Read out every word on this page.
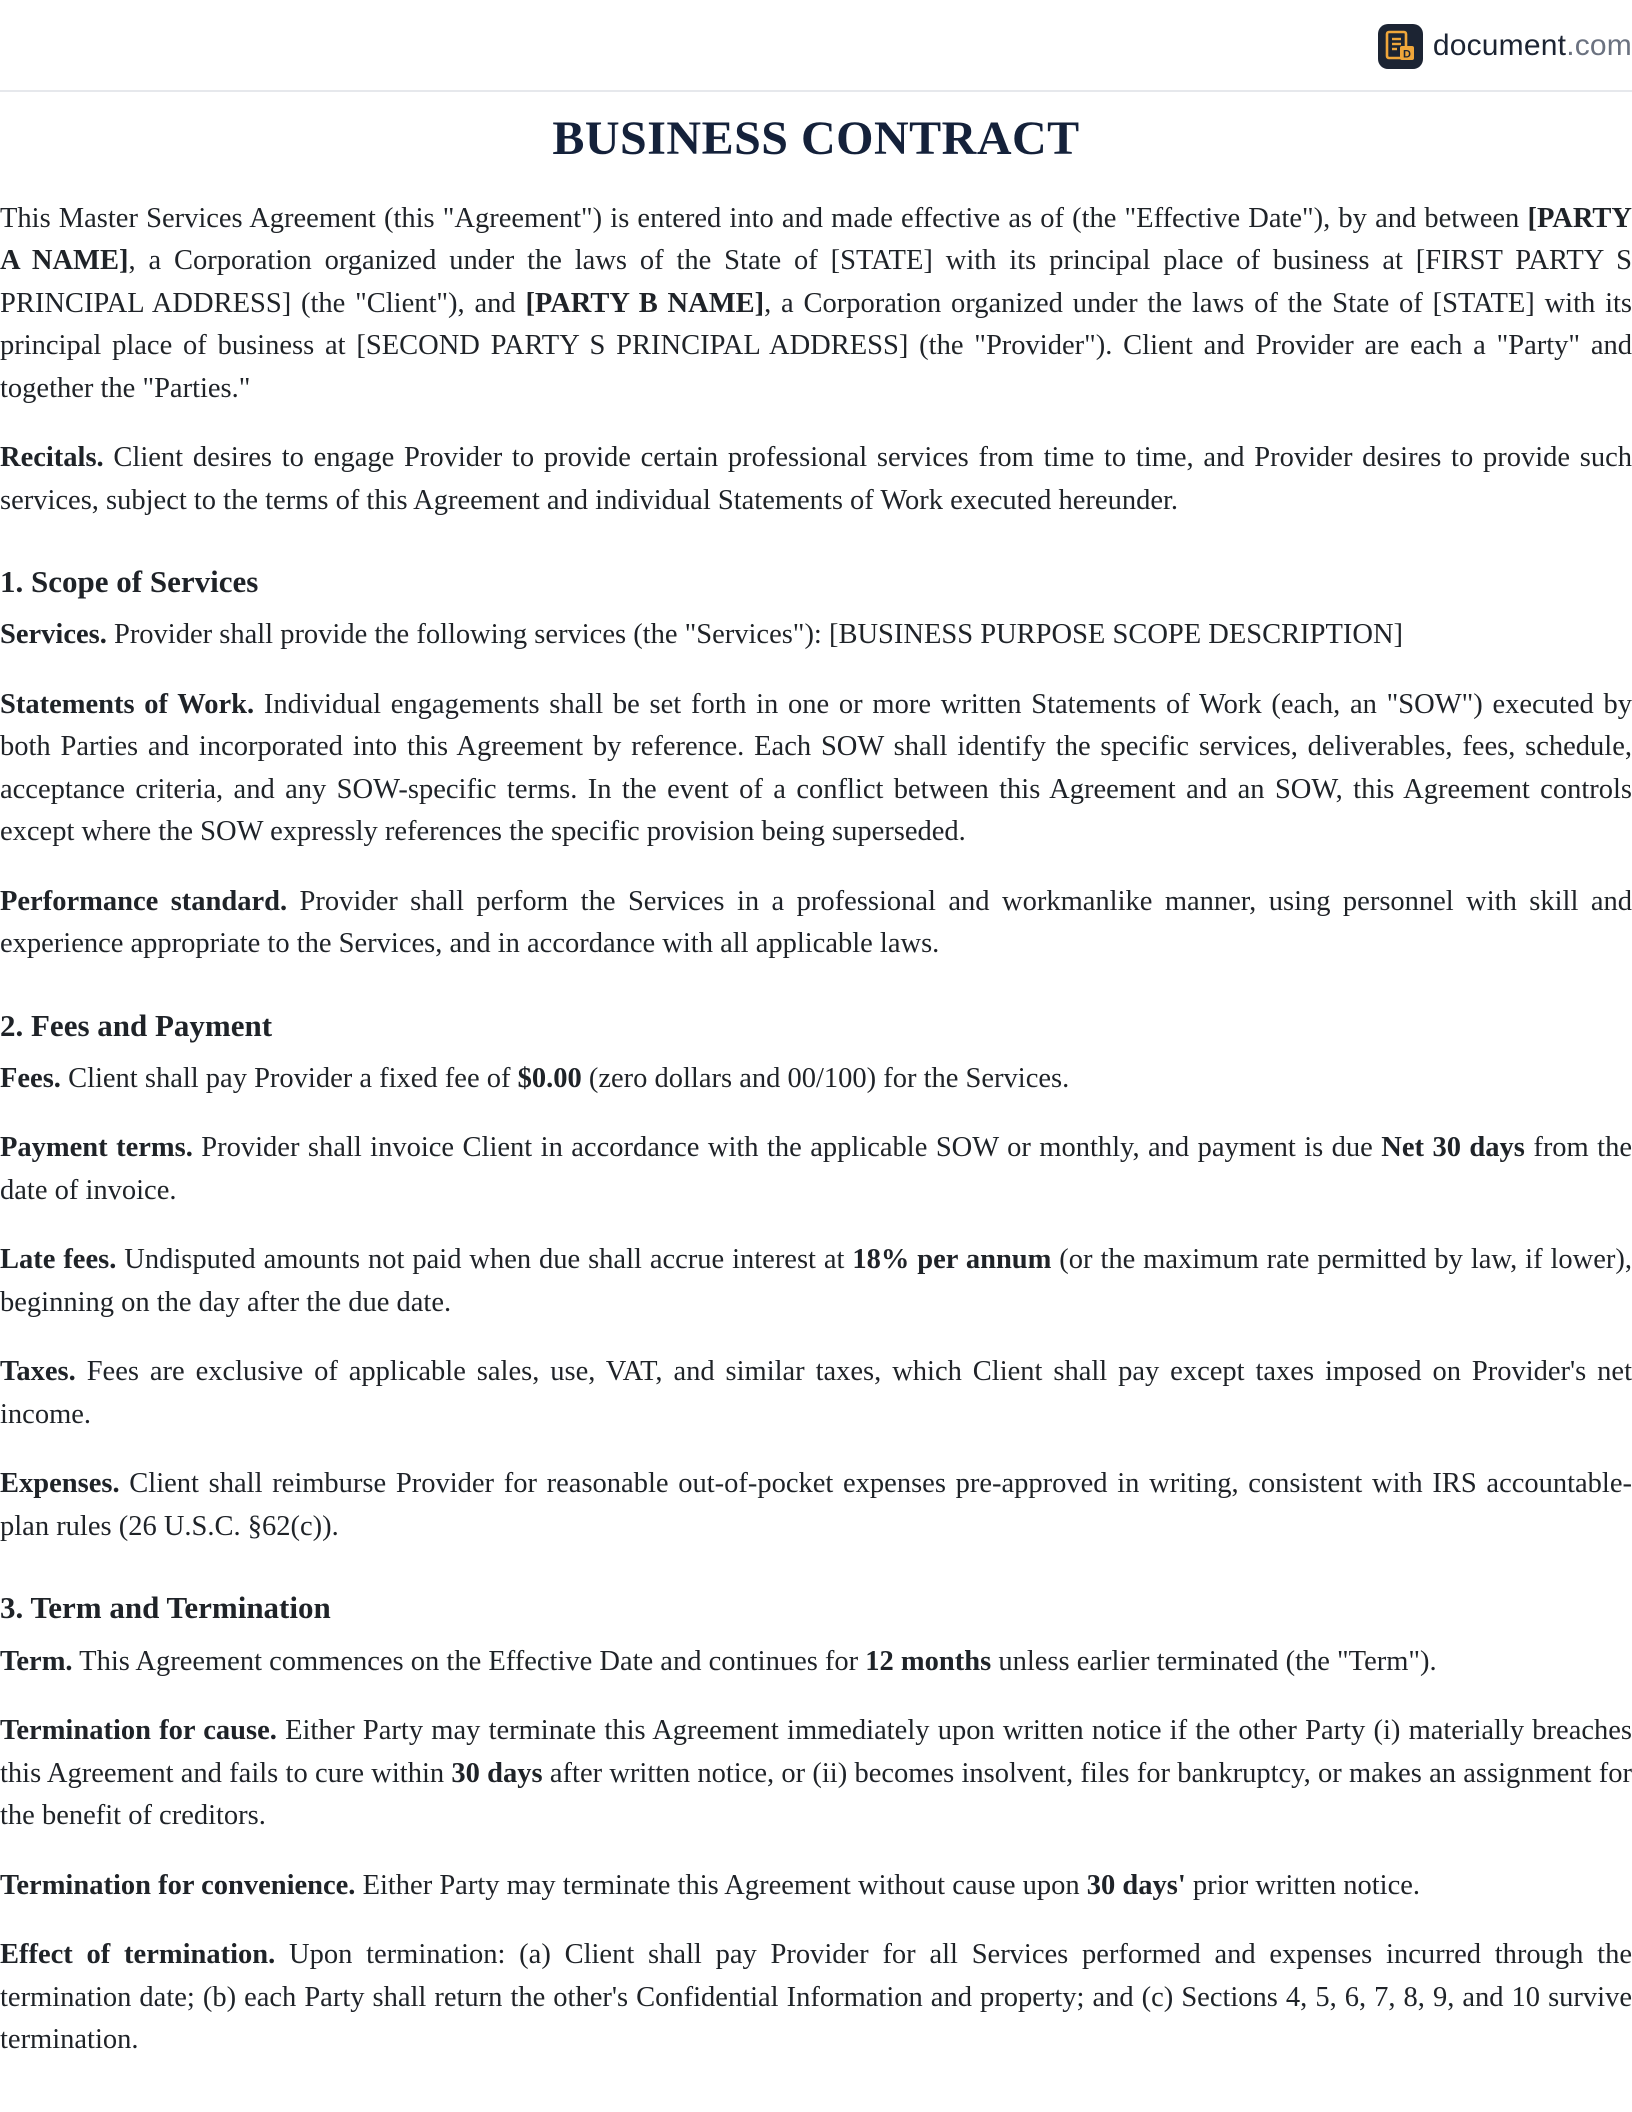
D document.com
BUSINESS CONTRACT

This Master Services Agreement (this "Agreement") is entered into and made effective as of (the "Effective Date"), by and between [PARTY A NAME], a Corporation organized under the laws of the State of [STATE] with its principal place of business at [FIRST PARTY S PRINCIPAL ADDRESS] (the "Client"), and [PARTY B NAME], a Corporation organized under the laws of the State of [STATE] with its principal place of business at [SECOND PARTY S PRINCIPAL ADDRESS] (the "Provider"). Client and Provider are each a "Party" and together the "Parties."

Recitals. Client desires to engage Provider to provide certain professional services from time to time, and Provider desires to provide such services, subject to the terms of this Agreement and individual Statements of Work executed hereunder.

1. Scope of Services

Services. Provider shall provide the following services (the "Services"): [BUSINESS PURPOSE SCOPE DESCRIPTION]

Statements of Work. Individual engagements shall be set forth in one or more written Statements of Work (each, an "SOW") executed by both Parties and incorporated into this Agreement by reference. Each SOW shall identify the specific services, deliverables, fees, schedule, acceptance criteria, and any SOW-specific terms. In the event of a conflict between this Agreement and an SOW, this Agreement controls except where the SOW expressly references the specific provision being superseded.

Performance standard. Provider shall perform the Services in a professional and workmanlike manner, using personnel with skill and experience appropriate to the Services, and in accordance with all applicable laws.

2. Fees and Payment

Fees. Client shall pay Provider a fixed fee of $0.00 (zero dollars and 00/100) for the Services.

Payment terms. Provider shall invoice Client in accordance with the applicable SOW or monthly, and payment is due Net 30 days from the date of invoice.

Late fees. Undisputed amounts not paid when due shall accrue interest at 18% per annum (or the maximum rate permitted by law, if lower), beginning on the day after the due date.

Taxes. Fees are exclusive of applicable sales, use, VAT, and similar taxes, which Client shall pay except taxes imposed on Provider's net income.

Expenses. Client shall reimburse Provider for reasonable out-of-pocket expenses pre-approved in writing, consistent with IRS accountable-plan rules (26 U.S.C. §62(c)).

3. Term and Termination

Term. This Agreement commences on the Effective Date and continues for 12 months unless earlier terminated (the "Term").

Termination for cause. Either Party may terminate this Agreement immediately upon written notice if the other Party (i) materially breaches this Agreement and fails to cure within 30 days after written notice, or (ii) becomes insolvent, files for bankruptcy, or makes an assignment for the benefit of creditors.

Termination for convenience. Either Party may terminate this Agreement without cause upon 30 days' prior written notice.

Effect of termination. Upon termination: (a) Client shall pay Provider for all Services performed and expenses incurred through the termination date; (b) each Party shall return the other's Confidential Information and property; and (c) Sections 4, 5, 6, 7, 8, 9, and 10 survive termination.
